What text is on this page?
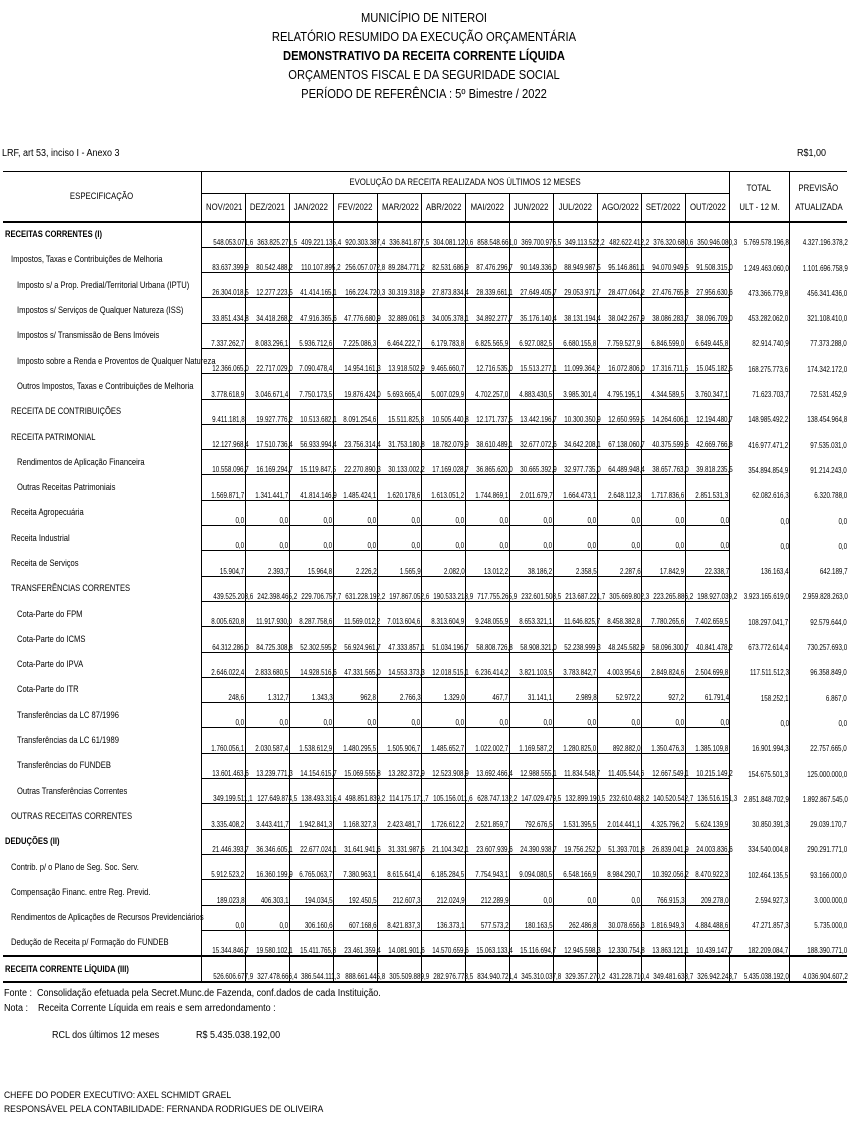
MUNICÍPIO DE NITEROI
RELATÓRIO RESUMIDO DA EXECUÇÃO ORÇAMENTÁRIA
DEMONSTRATIVO DA RECEITA CORRENTE LÍQUIDA
ORÇAMENTOS FISCAL E DA SEGURIDADE SOCIAL
PERÍODO DE REFERÊNCIA : 5º Bimestre / 2022
LRF, art 53, inciso I - Anexo 3	R$1,00
ESPECIFICAÇÃO	EVOLUÇÃO DA RECEITA REALIZADA NOS ÚLTIMOS 12 MESES												TOTAL	PREVISÃO
	NOV/2021	DEZ/2021	JAN/2022	FEV/2022	MAR/2022	ABR/2022	MAI/2022	JUN/2022	JUL/2022	AGO/2022	SET/2022	OUT/2022	ULT - 12 M.	ATUALIZADA
RECEITAS CORRENTES (I)	548.053.071,6	363.825.271,5	409.221.135,4	920.303.387,4	336.841.877,5	304.081.120,6	858.548.661,0	369.700.976,5	349.113.522,2	482.622.412,2	376.320.680,6	350.946.080,3	5.769.578.196,8	4.327.196.378,2
Impostos, Taxas e Contribuições de Melhoria	83.637.399,9	80.542.488,2	110.107.895,2	256.057.072,8	89.284.771,2	82.531.686,9	87.476.296,7	90.149.336,0	88.949.987,5	95.146.861,1	94.070.949,5	91.508.315,0	1.249.463.060,0	1.101.696.758,9
Imposto s/ a Prop. Predial/Territorial Urbana (IPTU)	26.304.018,5	12.277.223,5	41.414.165,1	166.224.720,3	30.319.318,9	27.873.834,4	28.339.661,1	27.649.405,7	29.053.971,7	28.477.064,2	27.476.765,8	27.956.630,6	473.366.779,8	456.341.436,0
Impostos s/ Serviços de Qualquer Natureza (ISS)	33.851.434,8	34.418.268,2	47.916.365,6	47.776.680,9	32.889.061,3	34.005.378,1	34.892.277,7	35.176.140,4	38.131.194,4	38.042.267,9	38.086.283,7	38.096.709,0	453.282.062,0	321.108.410,0
Impostos s/ Transmissão de Bens Imóveis	7.337.262,7	8.083.296,1	5.936.712,6	7.225.086,3	6.464.222,7	6.179.783,8	6.825.565,9	6.927.082,5	6.680.155,8	7.759.527,9	6.846.599,0	6.649.445,8	82.914.740,9	77.373.288,0
Imposto sobre a Renda e Proventos de Qualquer Natureza	12.366.065,0	22.717.029,0	7.090.478,4	14.954.161,3	13.918.502,9	9.465.660,7	12.716.535,0	15.513.277,1	11.099.364,2	16.072.806,0	17.316.711,5	15.045.182,5	168.275.773,6	174.342.172,0
Outros Impostos, Taxas e Contribuições de Melhoria	3.778.618,9	3.046.671,4	7.750.173,5	19.876.424,0	5.693.665,4	5.007.029,9	4.702.257,0	4.883.430,5	3.985.301,4	4.795.195,1	4.344.589,5	3.760.347,1	71.623.703,7	72.531.452,9
RECEITA DE CONTRIBUIÇÕES	9.411.181,8	19.927.776,2	10.513.682,1	8.091.254,6	15.511.825,3	10.505.440,8	12.171.737,5	13.442.196,7	10.300.350,9	12.650.959,5	14.264.606,1	12.194.480,7	148.985.492,2	138.454.964,8
RECEITA PATRIMONIAL	12.127.968,4	17.510.736,4	56.933.994,4	23.756.314,4	31.753.180,8	18.782.079,9	38.610.489,1	32.677.072,6	34.642.208,1	67.138.060,7	40.375.599,6	42.669.766,8	416.977.471,2	97.535.031,0
Rendimentos de Aplicação Financeira	10.558.096,7	16.169.294,7	15.119.847,5	22.270.890,3	30.133.002,2	17.169.028,7	36.865.620,0	30.665.392,9	32.977.735,0	64.489.948,4	38.657.763,0	39.818.235,5	354.894.854,9	91.214.243,0
Outras Receitas Patrimoniais	1.569.871,7	1.341.441,7	41.814.146,9	1.485.424,1	1.620.178,6	1.613.051,2	1.744.869,1	2.011.679,7	1.664.473,1	2.648.112,3	1.717.836,6	2.851.531,3	62.082.616,3	6.320.788,0
Receita Agropecuária	0,0	0,0	0,0	0,0	0,0	0,0	0,0	0,0	0,0	0,0	0,0	0,0	0,0	0,0
Receita Industrial	0,0	0,0	0,0	0,0	0,0	0,0	0,0	0,0	0,0	0,0	0,0	0,0	0,0	0,0
Receita de Serviços	15.904,7	2.393,7	15.964,8	2.226,2	1.565,9	2.082,0	13.012,2	38.186,2	2.358,5	2.287,6	17.842,9	22.338,7	136.163,4	642.189,7
TRANSFERÊNCIAS CORRENTES	439.525.208,6	242.398.465,2	229.706.757,7	631.228.192,2	197.867.052,6	190.533.218,9	717.755.265,9	232.601.508,5	213.687.221,7	305.669.802,3	223.265.886,2	198.927.039,2	3.923.165.619,0	2.959.828.263,0
Cota-Parte do FPM	8.005.620,8	11.917.930,0	8.287.758,6	11.569.012,2	7.013.604,6	8.313.604,9	9.248.055,9	8.653.321,1	11.646.825,7	8.458.382,8	7.780.265,6	7.402.659,5	108.297.041,7	92.579.644,0
Cota-Parte do ICMS	64.312.286,0	84.725.308,8	52.302.595,2	56.924.961,7	47.333.857,1	51.034.196,7	58.808.726,8	58.908.321,0	52.238.999,3	48.245.582,9	58.096.300,7	40.841.478,2	673.772.614,4	730.257.693,0
Cota-Parte do IPVA	2.646.022,4	2.833.680,5	14.928.516,6	47.331.565,0	14.553.373,3	12.018.515,1	6.236.414,2	3.821.103,5	3.783.842,7	4.003.954,6	2.849.824,6	2.504.699,8	117.511.512,3	96.358.849,0
Cota-Parte do ITR	248,6	1.312,7	1.343,3	962,8	2.766,3	1.329,0	467,7	31.141,1	2.989,8	52.972,2	927,2	61.791,4	158.252,1	6.867,0
Transferências da LC 87/1996	0,0	0,0	0,0	0,0	0,0	0,0	0,0	0,0	0,0	0,0	0,0	0,0	0,0	0,0
Transferências da LC 61/1989	1.760.056,1	2.030.587,4	1.538.612,9	1.480.295,5	1.505.906,7	1.485.652,7	1.022.002,7	1.169.587,2	1.280.825,0	892.882,0	1.350.476,3	1.385.109,8	16.901.994,3	22.757.665,0
Transferências do FUNDEB	13.601.463,6	13.239.771,3	14.154.615,7	15.069.555,8	13.282.372,9	12.523.908,9	13.692.466,4	12.988.555,1	11.834.548,7	11.405.544,6	12.667.549,1	10.215.149,2	154.675.501,3	125.000.000,0
Outras Transferências Correntes	349.199.511,1	127.649.874,5	138.493.315,4	498.851.839,2	114.175.171,7	105.156.011,6	628.747.132,2	147.029.479,5	132.899.190,5	232.610.483,2	140.520.542,7	136.516.151,3	2.851.848.702,9	1.892.867.545,0
OUTRAS RECEITAS CORRENTES	3.335.408,2	3.443.411,7	1.942.841,3	1.168.327,3	2.423.481,7	1.726.612,2	2.521.859,7	792.676,5	1.531.395,5	2.014.441,1	4.325.796,2	5.624.139,9	30.850.391,3	29.039.170,7
DEDUÇÕES (II)	21.446.393,7	36.346.605,1	22.677.024,1	31.641.941,6	31.331.987,6	21.104.342,1	23.607.939,6	24.390.938,7	19.756.252,0	51.393.701,8	26.839.041,9	24.003.836,6	334.540.004,8	290.291.771,0
Contrib. p/ o Plano de Seg. Soc. Serv.	5.912.523,2	16.360.199,9	6.765.063,7	7.380.963,1	8.615.641,4	6.185.284,5	7.754.943,1	9.094.080,5	6.548.166,9	8.984.290,7	10.392.056,2	8.470.922,3	102.464.135,5	93.166.000,0
Compensação Financ. entre Reg. Previd.	189.023,8	406.303,1	194.034,5	192.450,5	212.607,3	212.024,9	212.289,9	0,0	0,0	0,0	766.915,3	209.278,0	2.594.927,3	3.000.000,0
Rendimentos de Aplicações de Recursos Previdenciários	0,0	0,0	306.160,6	607.168,6	8.421.837,3	136.373,1	577.573,2	180.163,5	262.486,8	30.078.656,3	1.816.949,3	4.884.488,6	47.271.857,3	5.735.000,0
Dedução de Receita p/ Formação do FUNDEB	15.344.846,7	19.580.102,1	15.411.765,3	23.461.359,4	14.081.901,6	14.570.659,6	15.063.133,4	15.116.694,7	12.945.598,3	12.330.754,8	13.863.121,1	10.439.147,7	182.209.084,7	188.390.771,0
RECEITA CORRENTE LÍQUIDA (III)	526.606.677,9	327.478.666,4	386.544.111,3	888.661.445,8	305.509.889,9	282.976.778,5	834.940.721,4	345.310.037,8	329.357.270,2	431.228.710,4	349.481.638,7	326.942.243,7	5.435.038.192,0	4.036.904.607,2
Fonte : Consolidação efetuada pela Secret.Munc.de Fazenda, conf.dados de cada Instituição.
Nota : Receita Corrente Líquida em reais e sem arredondamento :
RCL dos últimos 12 meses	R$ 5.435.038.192,00
CHEFE DO PODER EXECUTIVO: AXEL SCHMIDT GRAEL
RESPONSÁVEL PELA CONTABILIDADE: FERNANDA RODRIGUES DE OLIVEIRA
